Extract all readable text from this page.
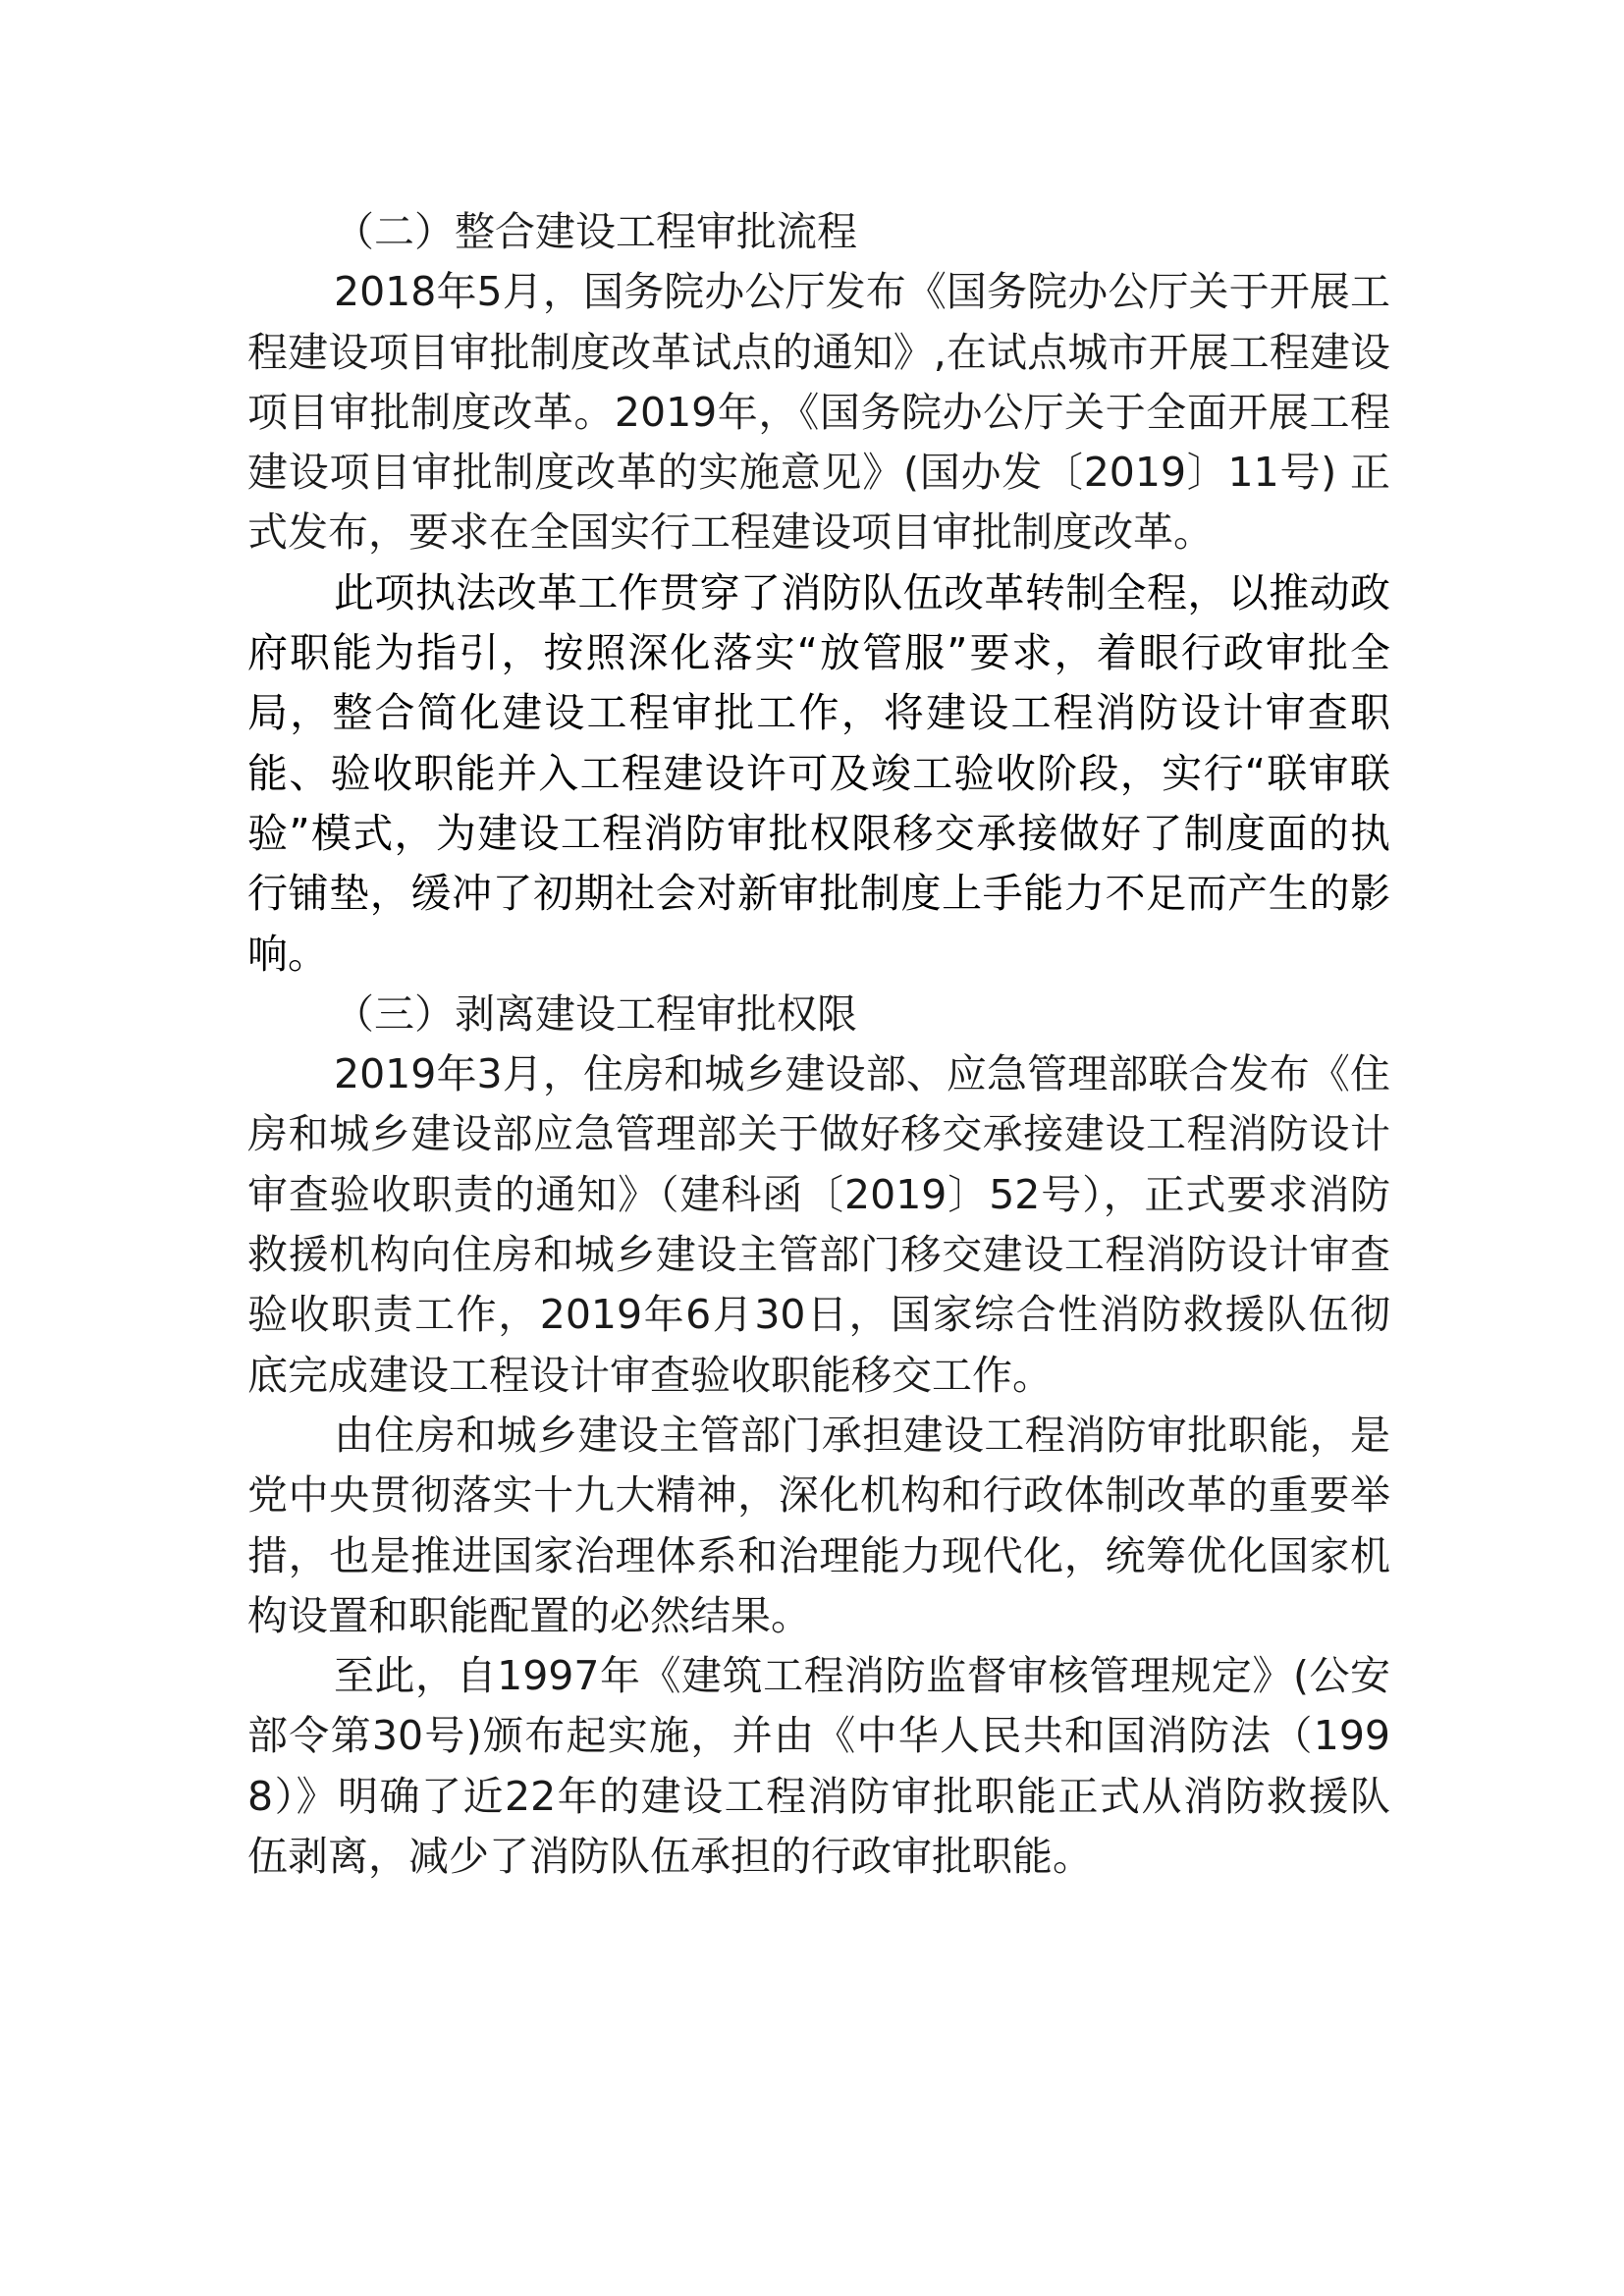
（二）整合建设工程审批流程

2018年5月，国务院办公厅发布《国务院办公厅关于开展工程建设项目审批制度改革试点的通知》,在试点城市开展工程建设项目审批制度改革。2019年，《国务院办公厅关于全面开展工程建设项目审批制度改革的实施意见》(国办发〔2019〕11号) 正式发布，要求在全国实行工程建设项目审批制度改革。

此项执法改革工作贯穿了消防队伍改革转制全程，以推动政府职能为指引，按照深化落实“放管服”要求，着眼行政审批全局，整合简化建设工程审批工作，将建设工程消防设计审查职能、验收职能并入工程建设许可及竣工验收阶段，实行“联审联验”模式，为建设工程消防审批权限移交承接做好了制度面的执行铺垫，缓冲了初期社会对新审批制度上手能力不足而产生的影响。

（三）剥离建设工程审批权限

2019年3月，住房和城乡建设部、应急管理部联合发布《住房和城乡建设部应急管理部关于做好移交承接建设工程消防设计审查验收职责的通知》（建科函〔2019〕52号），正式要求消防救援机构向住房和城乡建设主管部门移交建设工程消防设计审查验收职责工作，2019年6月30日，国家综合性消防救援队伍彻底完成建设工程设计审查验收职能移交工作。

由住房和城乡建设主管部门承担建设工程消防审批职能，是党中央贯彻落实十九大精神，深化机构和行政体制改革的重要举措，也是推进国家治理体系和治理能力现代化，统筹优化国家机构设置和职能配置的必然结果。

至此，自1997年《建筑工程消防监督审核管理规定》(公安部令第30号)颁布起实施，并由《中华人民共和国消防法（1998）》明确了近22年的建设工程消防审批职能正式从消防救援队伍剥离，减少了消防队伍承担的行政审批职能。
